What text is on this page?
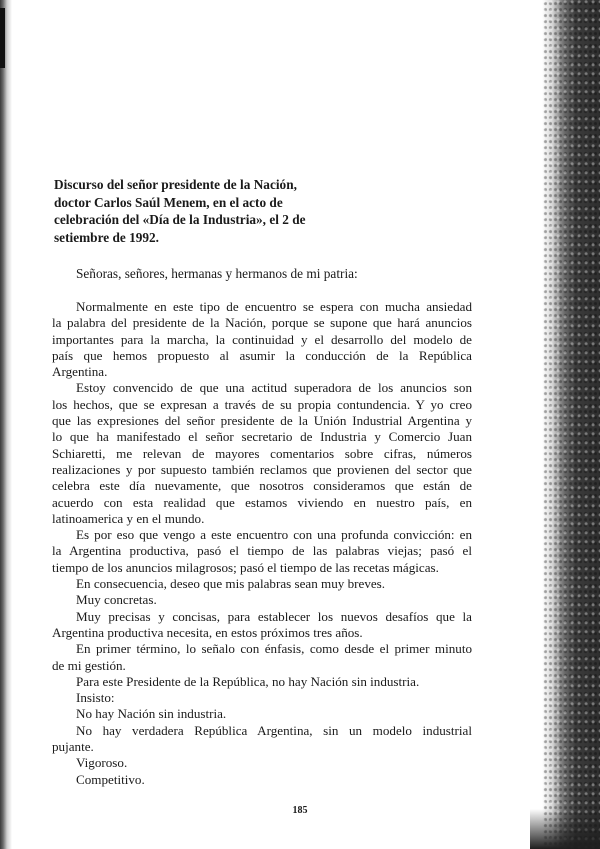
Discurso del señor presidente de la Nación,
doctor Carlos Saúl Menem, en el acto de
celebración del «Día de la Industria», el 2 de
setiembre de 1992.
Señoras, señores, hermanas y hermanos de mi patria:
Normalmente en este tipo de encuentro se espera con mucha ansiedad
la palabra del presidente de la Nación, porque se supone que hará anuncios
importantes para la marcha, la continuidad y el desarrollo del modelo de
país que hemos propuesto al asumir la conducción de la República
Argentina.
Estoy convencido de que una actitud superadora de los anuncios son
los hechos, que se expresan a través de su propia contundencia. Y yo creo
que las expresiones del señor presidente de la Unión Industrial Argentina y
lo que ha manifestado el señor secretario de Industria y Comercio Juan
Schiaretti, me relevan de mayores comentarios sobre cifras, números
realizaciones y por supuesto también reclamos que provienen del sector que
celebra este día nuevamente, que nosotros consideramos que están de
acuerdo con esta realidad que estamos viviendo en nuestro país, en
latinoamerica y en el mundo.
Es por eso que vengo a este encuentro con una profunda convicción: en
la Argentina productiva, pasó el tiempo de las palabras viejas; pasó el
tiempo de los anuncios milagrosos; pasó el tiempo de las recetas mágicas.
En consecuencia, deseo que mis palabras sean muy breves.
Muy concretas.
Muy precisas y concisas, para establecer los nuevos desafíos que la
Argentina productiva necesita, en estos próximos tres años.
En primer término, lo señalo con énfasis, como desde el primer minuto
de mi gestión.
Para este Presidente de la República, no hay Nación sin industria.
Insisto:
No hay Nación sin industria.
No hay verdadera República Argentina, sin un modelo industrial
pujante.
Vigoroso.
Competitivo.
185
